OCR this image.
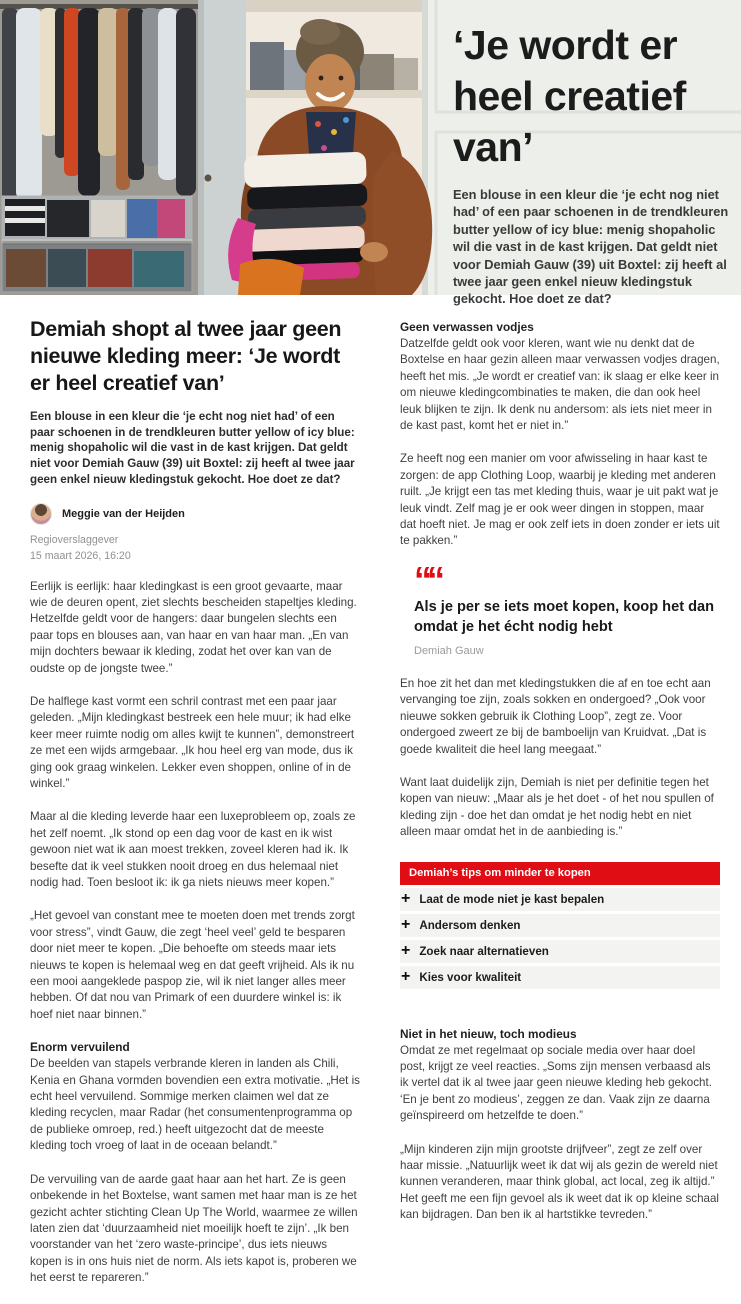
‘Je wordt er heel creatief van’

Een blouse in een kleur die ‘je echt nog niet had’ of een paar schoenen in de trendkleuren butter yellow of icy blue: menig shopaholic wil die vast in de kast krijgen. Dat geldt niet voor Demiah Gauw (39) uit Boxtel: zij heeft al twee jaar geen enkel nieuw kledingstuk gekocht. Hoe doet ze dat?

Demiah shopt al twee jaar geen nieuwe kleding meer: ‘Je wordt er heel creatief van’

Een blouse in een kleur die ‘je echt nog niet had’ of een paar schoenen in de trendkleuren butter yellow of icy blue: menig shopaholic wil die vast in de kast krijgen. Dat geldt niet voor Demiah Gauw (39) uit Boxtel: zij heeft al twee jaar geen enkel nieuw kledingstuk gekocht. Hoe doet ze dat?

Meggie van der Heijden
Regioverslaggever
15 maart 2026, 16:20

Eerlijk is eerlijk: haar kledingkast is een groot gevaarte, maar wie de deuren opent, ziet slechts bescheiden stapeltjes kleding. Hetzelfde geldt voor de hangers: daar bungelen slechts een paar tops en blouses aan, van haar en van haar man. „En van mijn dochters bewaar ik kleding, zodat het over kan van de oudste op de jongste twee.”

De halflege kast vormt een schril contrast met een paar jaar geleden. „Mijn kledingkast bestreek een hele muur; ik had elke keer meer ruimte nodig om alles kwijt te kunnen”, demonstreert ze met een wijds armgebaar. „Ik hou heel erg van mode, dus ik ging ook graag winkelen. Lekker even shoppen, online of in de winkel.”

Maar al die kleding leverde haar een luxeprobleem op, zoals ze het zelf noemt. „Ik stond op een dag voor de kast en ik wist gewoon niet wat ik aan moest trekken, zoveel kleren had ik. Ik besefte dat ik veel stukken nooit droeg en dus helemaal niet nodig had. Toen besloot ik: ik ga niets nieuws meer kopen.”

„Het gevoel van constant mee te moeten doen met trends zorgt voor stress”, vindt Gauw, die zegt ‘heel veel’ geld te besparen door niet meer te kopen. „Die behoefte om steeds maar iets nieuws te kopen is helemaal weg en dat geeft vrijheid. Als ik nu een mooi aangeklede paspop zie, wil ik niet langer alles meer hebben. Of dat nou van Primark of een duurdere winkel is: ik hoef niet naar binnen.”

Enorm vervuilend

De beelden van stapels verbrande kleren in landen als Chili, Kenia en Ghana vormden bovendien een extra motivatie. „Het is echt heel vervuilend. Sommige merken claimen wel dat ze kleding recyclen, maar Radar (het consumentenprogramma op de publieke omroep, red.) heeft uitgezocht dat de meeste kleding toch vroeg of laat in de oceaan belandt.”

De vervuiling van de aarde gaat haar aan het hart. Ze is geen onbekende in het Boxtelse, want samen met haar man is ze het gezicht achter stichting Clean Up The World, waarmee ze willen laten zien dat ‘duurzaamheid niet moeilijk hoeft te zijn’. „Ik ben voorstander van het ‘zero waste-principe’, dus iets nieuws kopen is in ons huis niet de norm. Als iets kapot is, proberen we het eerst te repareren.”

Geen verwassen vodjes

Datzelfde geldt ook voor kleren, want wie nu denkt dat de Boxtelse en haar gezin alleen maar verwassen vodjes dragen, heeft het mis. „Je wordt er creatief van: ik slaag er elke keer in om nieuwe kledingcombinaties te maken, die dan ook heel leuk blijken te zijn. Ik denk nu andersom: als iets niet meer in de kast past, komt het er niet in.”

Ze heeft nog een manier om voor afwisseling in haar kast te zorgen: de app Clothing Loop, waarbij je kleding met anderen ruilt. „Je krijgt een tas met kleding thuis, waar je uit pakt wat je leuk vindt. Zelf mag je er ook weer dingen in stoppen, maar dat hoeft niet. Je mag er ook zelf iets in doen zonder er iets uit te pakken.”

““
Als je per se iets moet kopen, koop het dan omdat je het écht nodig hebt
Demiah Gauw

En hoe zit het dan met kledingstukken die af en toe echt aan vervanging toe zijn, zoals sokken en ondergoed? „Ook voor nieuwe sokken gebruik ik Clothing Loop”, zegt ze. Voor ondergoed zweert ze bij de bamboelijn van Kruidvat. „Dat is goede kwaliteit die heel lang meegaat.”

Want laat duidelijk zijn, Demiah is niet per definitie tegen het kopen van nieuw: „Maar als je het doet - of het nou spullen of kleding zijn - doe het dan omdat je het nodig hebt en niet alleen maar omdat het in de aanbieding is.”

Demiah’s tips om minder te kopen
+ Laat de mode niet je kast bepalen
+ Andersom denken
+ Zoek naar alternatieven
+ Kies voor kwaliteit
Niet in het nieuw, toch modieus

Omdat ze met regelmaat op sociale media over haar doel post, krijgt ze veel reacties. „Soms zijn mensen verbaasd als ik vertel dat ik al twee jaar geen nieuwe kleding heb gekocht. ‘En je bent zo modieus’, zeggen ze dan. Vaak zijn ze daarna geïnspireerd om hetzelfde te doen.”

„Mijn kinderen zijn mijn grootste drijfveer”, zegt ze zelf over haar missie. „Natuurlijk weet ik dat wij als gezin de wereld niet kunnen veranderen, maar think global, act local, zeg ik altijd.” Het geeft me een fijn gevoel als ik weet dat ik op kleine schaal kan bijdragen. Dan ben ik al hartstikke tevreden.”
